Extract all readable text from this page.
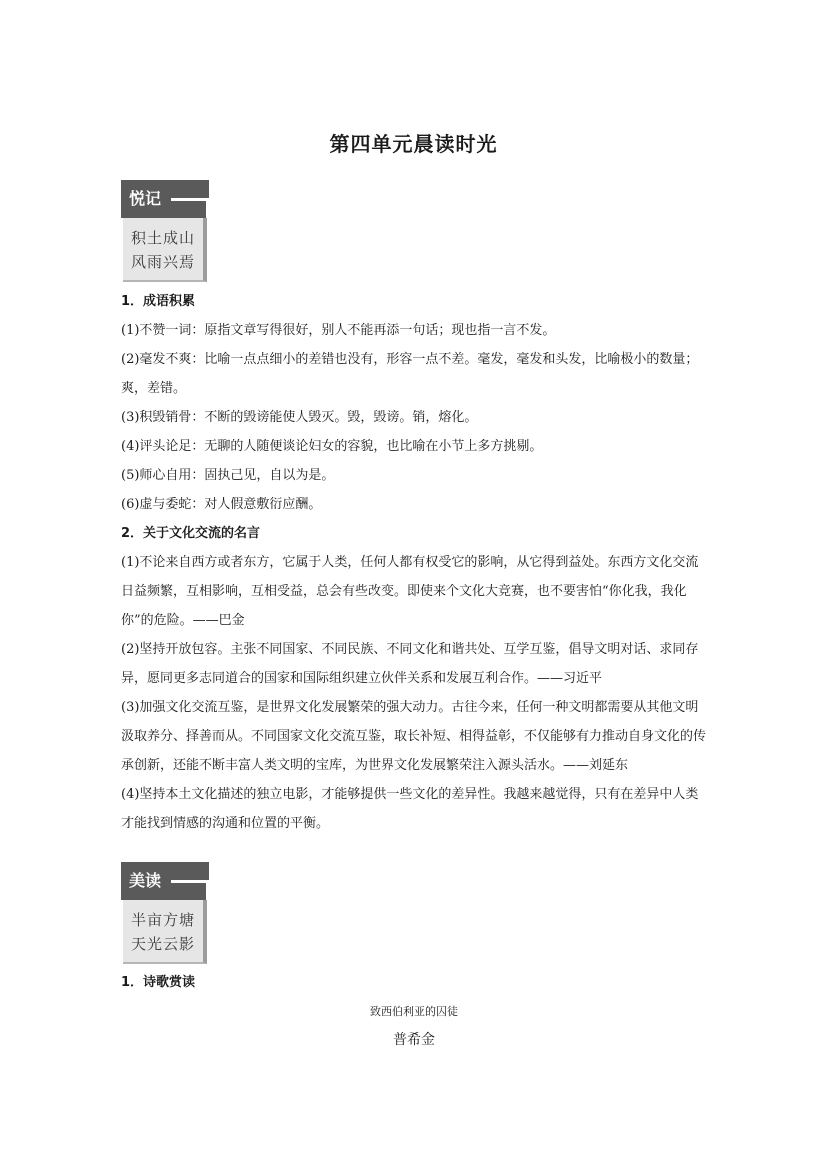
第四单元晨读时光
悦记
积土成山
风雨兴焉

1．成语积累

(1)不赞一词：原指文章写得很好，别人不能再添一句话；现也指一言不发。

(2)毫发不爽：比喻一点点细小的差错也没有，形容一点不差。毫发，毫发和头发，比喻极小的数量；爽，差错。

(3)积毁销骨：不断的毁谤能使人毁灭。毁，毁谤。销，熔化。

(4)评头论足：无聊的人随便谈论妇女的容貌，也比喻在小节上多方挑剔。

(5)师心自用：固执己见，自以为是。

(6)虚与委蛇：对人假意敷衍应酬。

2．关于文化交流的名言

(1)不论来自西方或者东方，它属于人类，任何人都有权受它的影响，从它得到益处。东西方文化交流日益频繁，互相影响，互相受益，总会有些改变。即使来个文化大竞赛，也不要害怕“你化我，我化你”的危险。——巴金

(2)坚持开放包容。主张不同国家、不同民族、不同文化和谐共处、互学互鉴，倡导文明对话、求同存异，愿同更多志同道合的国家和国际组织建立伙伴关系和发展互利合作。——习近平

(3)加强文化交流互鉴，是世界文化发展繁荣的强大动力。古往今来，任何一种文明都需要从其他文明汲取养分、择善而从。不同国家文化交流互鉴，取长补短、相得益彰，不仅能够有力推动自身文化的传承创新，还能不断丰富人类文明的宝库，为世界文化发展繁荣注入源头活水。——刘延东

(4)坚持本土文化描述的独立电影，才能够提供一些文化的差异性。我越来越觉得，只有在差异中人类才能找到情感的沟通和位置的平衡。

美读
半亩方塘
天光云影

1．诗歌赏读

致西伯利亚的囚徒

普希金
